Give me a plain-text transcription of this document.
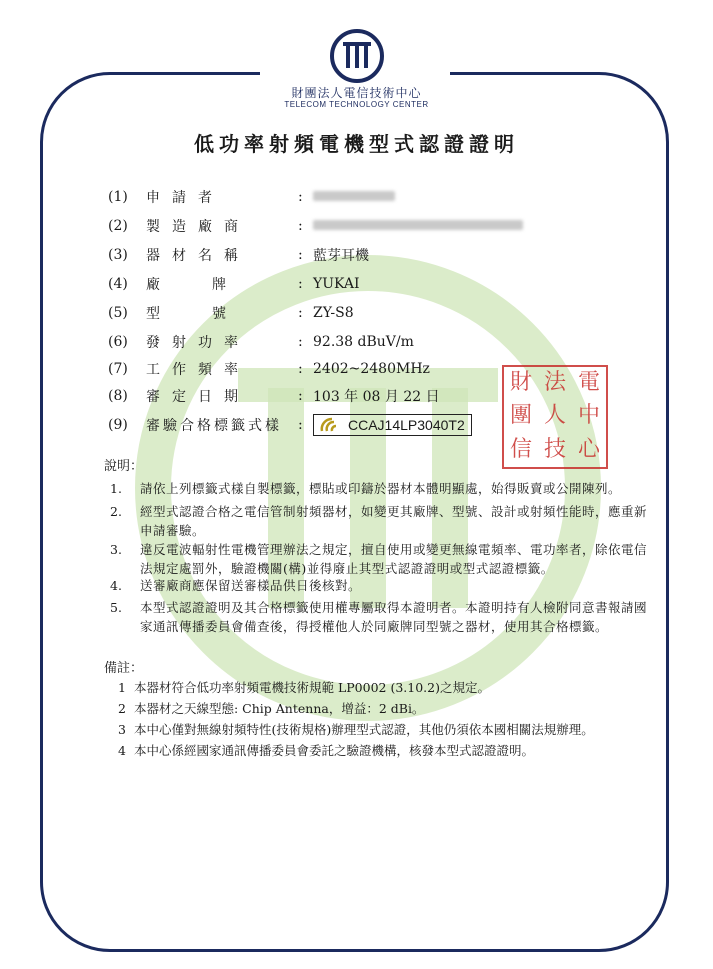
財團法人電信技術中心
TELECOM TECHNOLOGY CENTER
低功率射頻電機型式認證證明
(1)	申請者	:
(2)	製造廠商	:
(3)	器材名稱	: 藍芽耳機
(4)	廠牌	: YUKAI
(5)	型號	: ZY-S8
(6)	發射功率	: 92.38 dBuV/m
(7)	工作頻率	: 2402~2480MHz
(8)	審定日期	: 103 年 08 月 22 日
(9)	審驗合格標籤式樣 :	CCAJ14LP3040T2
財 法 電
團 人 中
信 技 心
說明：
1.	請依上列標籤式樣自製標籤，標貼或印鑄於器材本體明顯處，始得販賣或公開陳列。
2.	經型式認證合格之電信管制射頻器材，如變更其廠牌、型號、設計或射頻性能時，應重新申請審驗。
3.	違反電波輻射性電機管理辦法之規定，擅自使用或變更無線電頻率、電功率者，除依電信法規定處罰外，驗證機關(構)並得廢止其型式認證證明或型式認證標籤。
4.	送審廠商應保留送審樣品供日後核對。
5.	本型式認證證明及其合格標籤使用權專屬取得本證明者。本證明持有人檢附同意書報請國家通訊傳播委員會備查後，得授權他人於同廠牌同型號之器材，使用其合格標籤。
備註：
1 本器材符合低功率射頻電機技術規範 LP0002 (3.10.2)之規定。
2 本器材之天線型態: Chip Antenna，增益：2 dBi。
3 本中心僅對無線射頻特性(技術規格)辦理型式認證，其他仍須依本國相關法規辦理。
4 本中心係經國家通訊傳播委員會委託之驗證機構，核發本型式認證證明。
